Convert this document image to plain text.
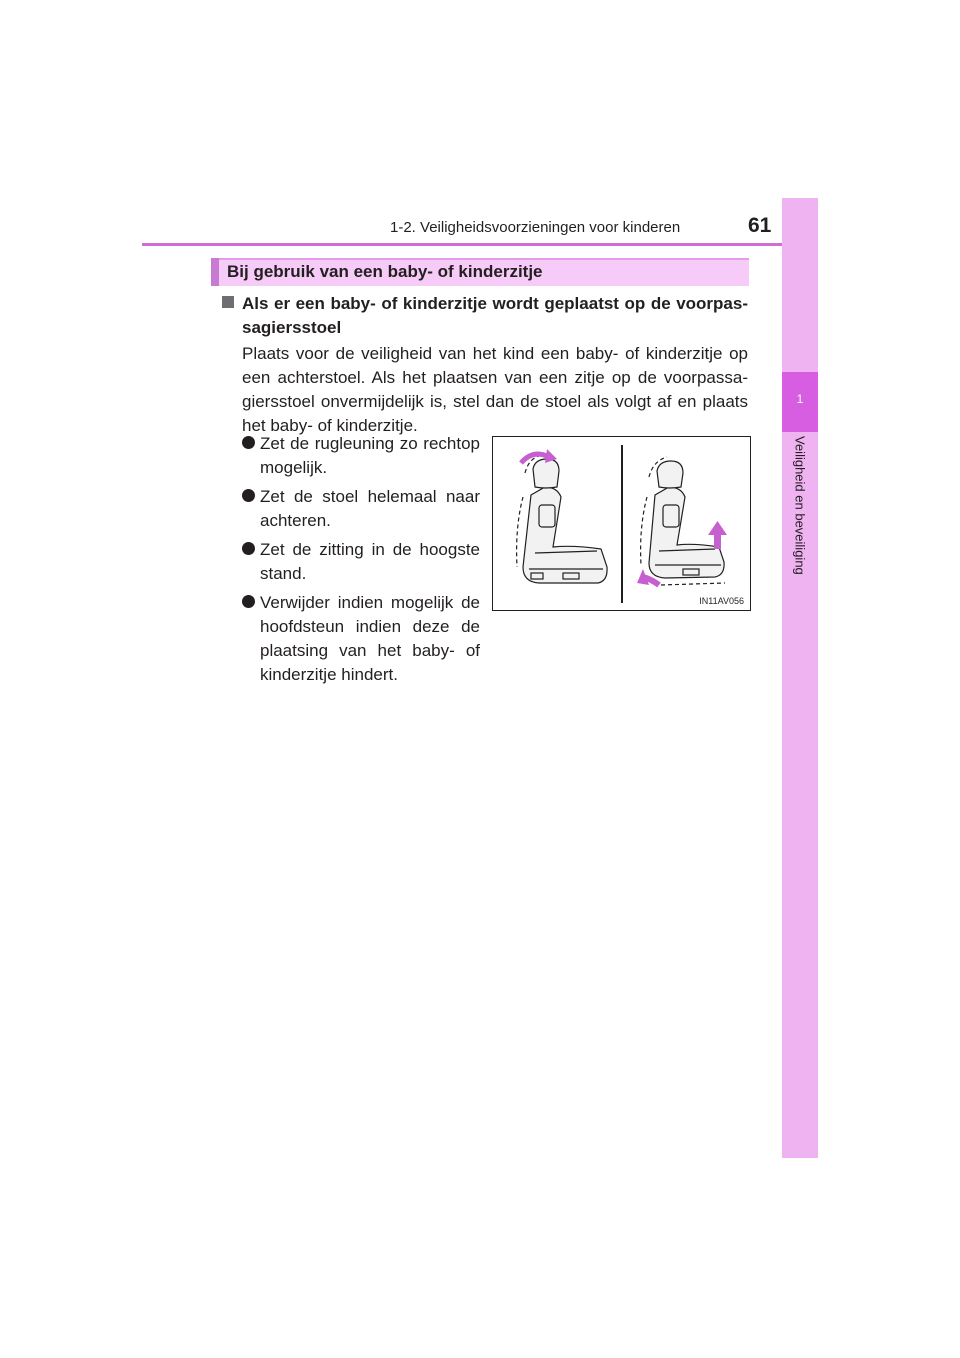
1-2. Veiligheidsvoorzieningen voor kinderen	61
1
Veiligheid en beveiliging
Bij gebruik van een baby- of kinderzitje
Als er een baby- of kinderzitje wordt geplaatst op de voorpas-sagiersstoel
Plaats voor de veiligheid van het kind een baby- of kinderzitje op een achterstoel. Als het plaatsen van een zitje op de voorpassa-giersstoel onvermijdelijk is, stel dan de stoel als volgt af en plaats het baby- of kinderzitje.
Zet de rugleuning zo rechtop mogelijk.
Zet de stoel helemaal naar achteren.
Zet de zitting in de hoogste stand.
Verwijder indien mogelijk de hoofdsteun indien deze de plaatsing van het baby- of kinderzitje hindert.
IN11AV056
